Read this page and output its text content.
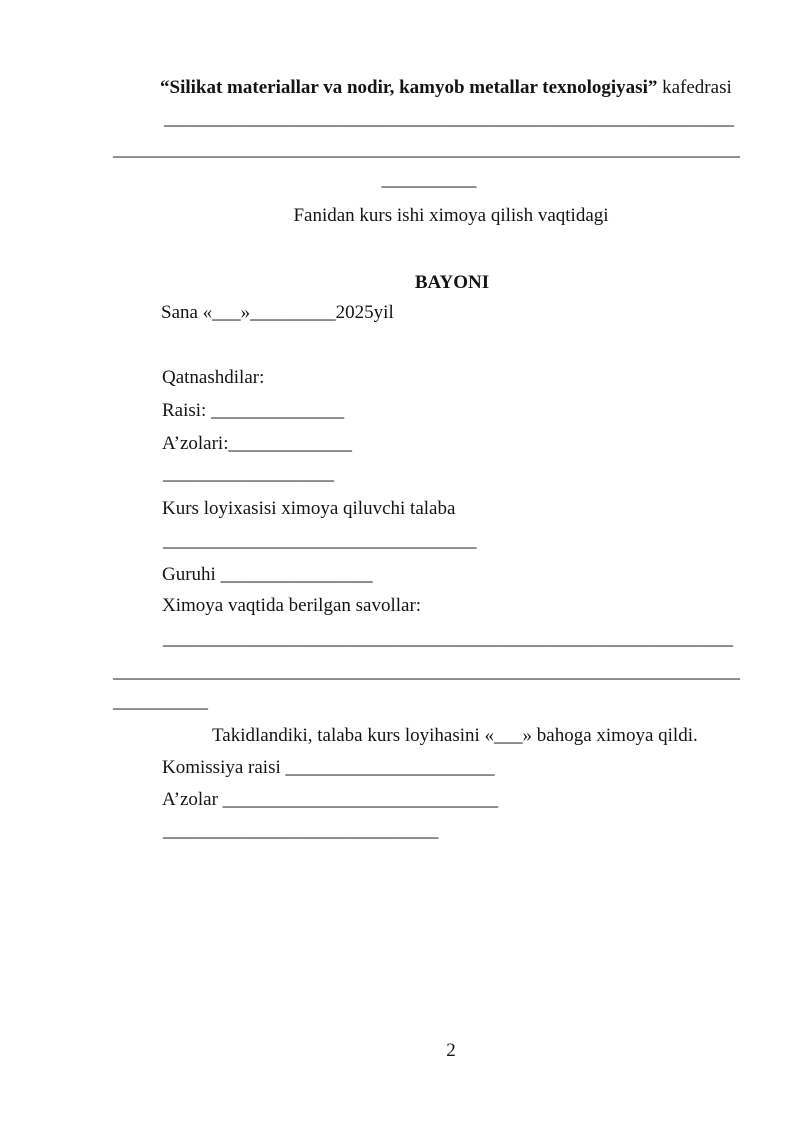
“Silikat materiallar va nodir, kamyob metallar texnologiyasi” kafedrasi
____________________________________________________________
__________________________________________________________________
__________
Fanidan kurs ishi ximoya qilish vaqtidagi
BAYONI
Sana «___»_________2025yil
Qatnashdilar:
Raisi: ______________
A’zolari:_____________
__________________
Kurs loyixasisi ximoya qiluvchi talaba
_________________________________
Guruhi ________________
Ximoya vaqtida berilgan savollar:
____________________________________________________________
__________________________________________________________________
__________
Takidlandiki, talaba kurs loyihasini «___» bahoga ximoya qildi.
Komissiya raisi ______________________
A’zolar _____________________________
_____________________________
2
